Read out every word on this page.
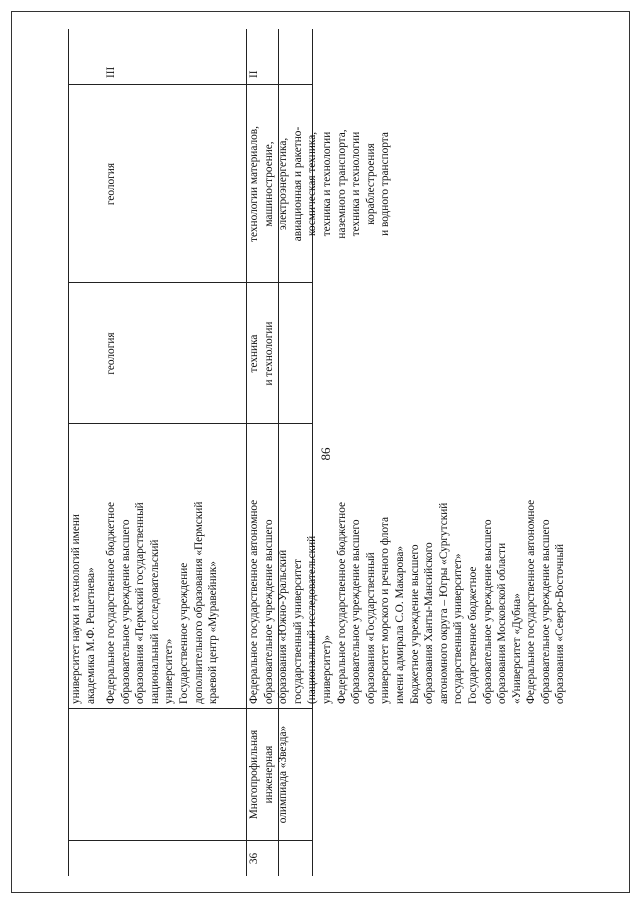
86
университет науки и технологий имени академика М.Ф. Решетнева» Федеральное государственное бюджетное образовательное учреждение высшего образования «Пермский государственный национальный исследовательский университет» Государственное учреждение дополнительного образования «Пермский краевой центр «Муравейник»
геология
геология
III
36
Многопрофильная инженерная олимпиада «Звезда»
Федеральное государственное автономное образовательное учреждение высшего образования «Южно-Уральский государственный университет (национальный исследовательский университет)» Федеральное государственное бюджетное образовательное учреждение высшего образования «Государственный университет морского и речного флота имени адмирала С.О. Макарова» Бюджетное учреждение высшего образования Ханты-Мансийского автономного округа – Югры «Сургутский государственный университет» Государственное бюджетное образовательное учреждение высшего образования Московской области «Университет «Дубна» Федеральное государственное автономное образовательное учреждение высшего образования «Северо-Восточный
техника и технологии
технологии материалов, машиностроение, электроэнергетика, авиационная и ракетно- космическая техника, техника и технологии наземного транспорта, техника и технологии кораблестроения и водного транспорта
II
